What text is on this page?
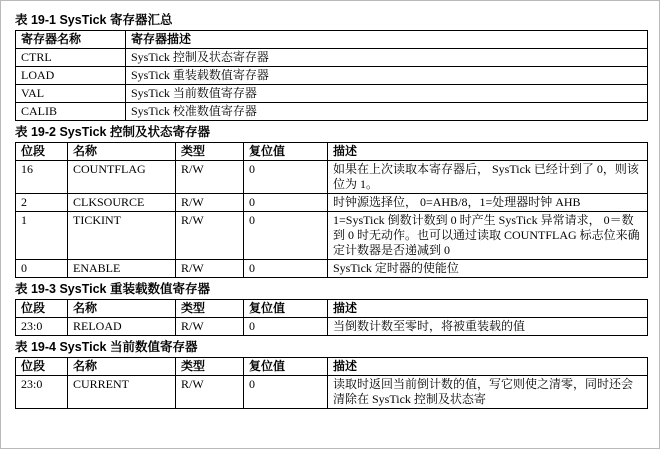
表 19-1 SysTick 寄存器汇总
寄存器名称	寄存器描述
CTRL	SysTick 控制及状态寄存器
LOAD	SysTick 重装载数值寄存器
VAL	SysTick 当前数值寄存器
CALIB	SysTick 校准数值寄存器
表 19-2 SysTick 控制及状态寄存器
位段	名称	类型	复位值	描述
16	COUNTFLAG	R/W	0	如果在上次读取本寄存器后， SysTick 已经计到了 0，则该位为 1。
2	CLKSOURCE	R/W	0	时钟源选择位， 0=AHB/8，1=处理器时钟 AHB
1	TICKINT	R/W	0	1=SysTick 倒数计数到 0 时产生 SysTick 异常请求， 0＝数到 0 时无动作。也可以通过读取 COUNTFLAG 标志位来确定计数器是否递减到 0
0	ENABLE	R/W	0	SysTick 定时器的使能位
表 19-3 SysTick 重装载数值寄存器
位段	名称	类型	复位值	描述
23:0	RELOAD	R/W	0	当倒数计数至零时，将被重装载的值
表 19-4 SysTick 当前数值寄存器
位段	名称	类型	复位值	描述
23:0	CURRENT	R/W	0	读取时返回当前倒计数的值，写它则使之清零，同时还会清除在 SysTick 控制及状态寄
